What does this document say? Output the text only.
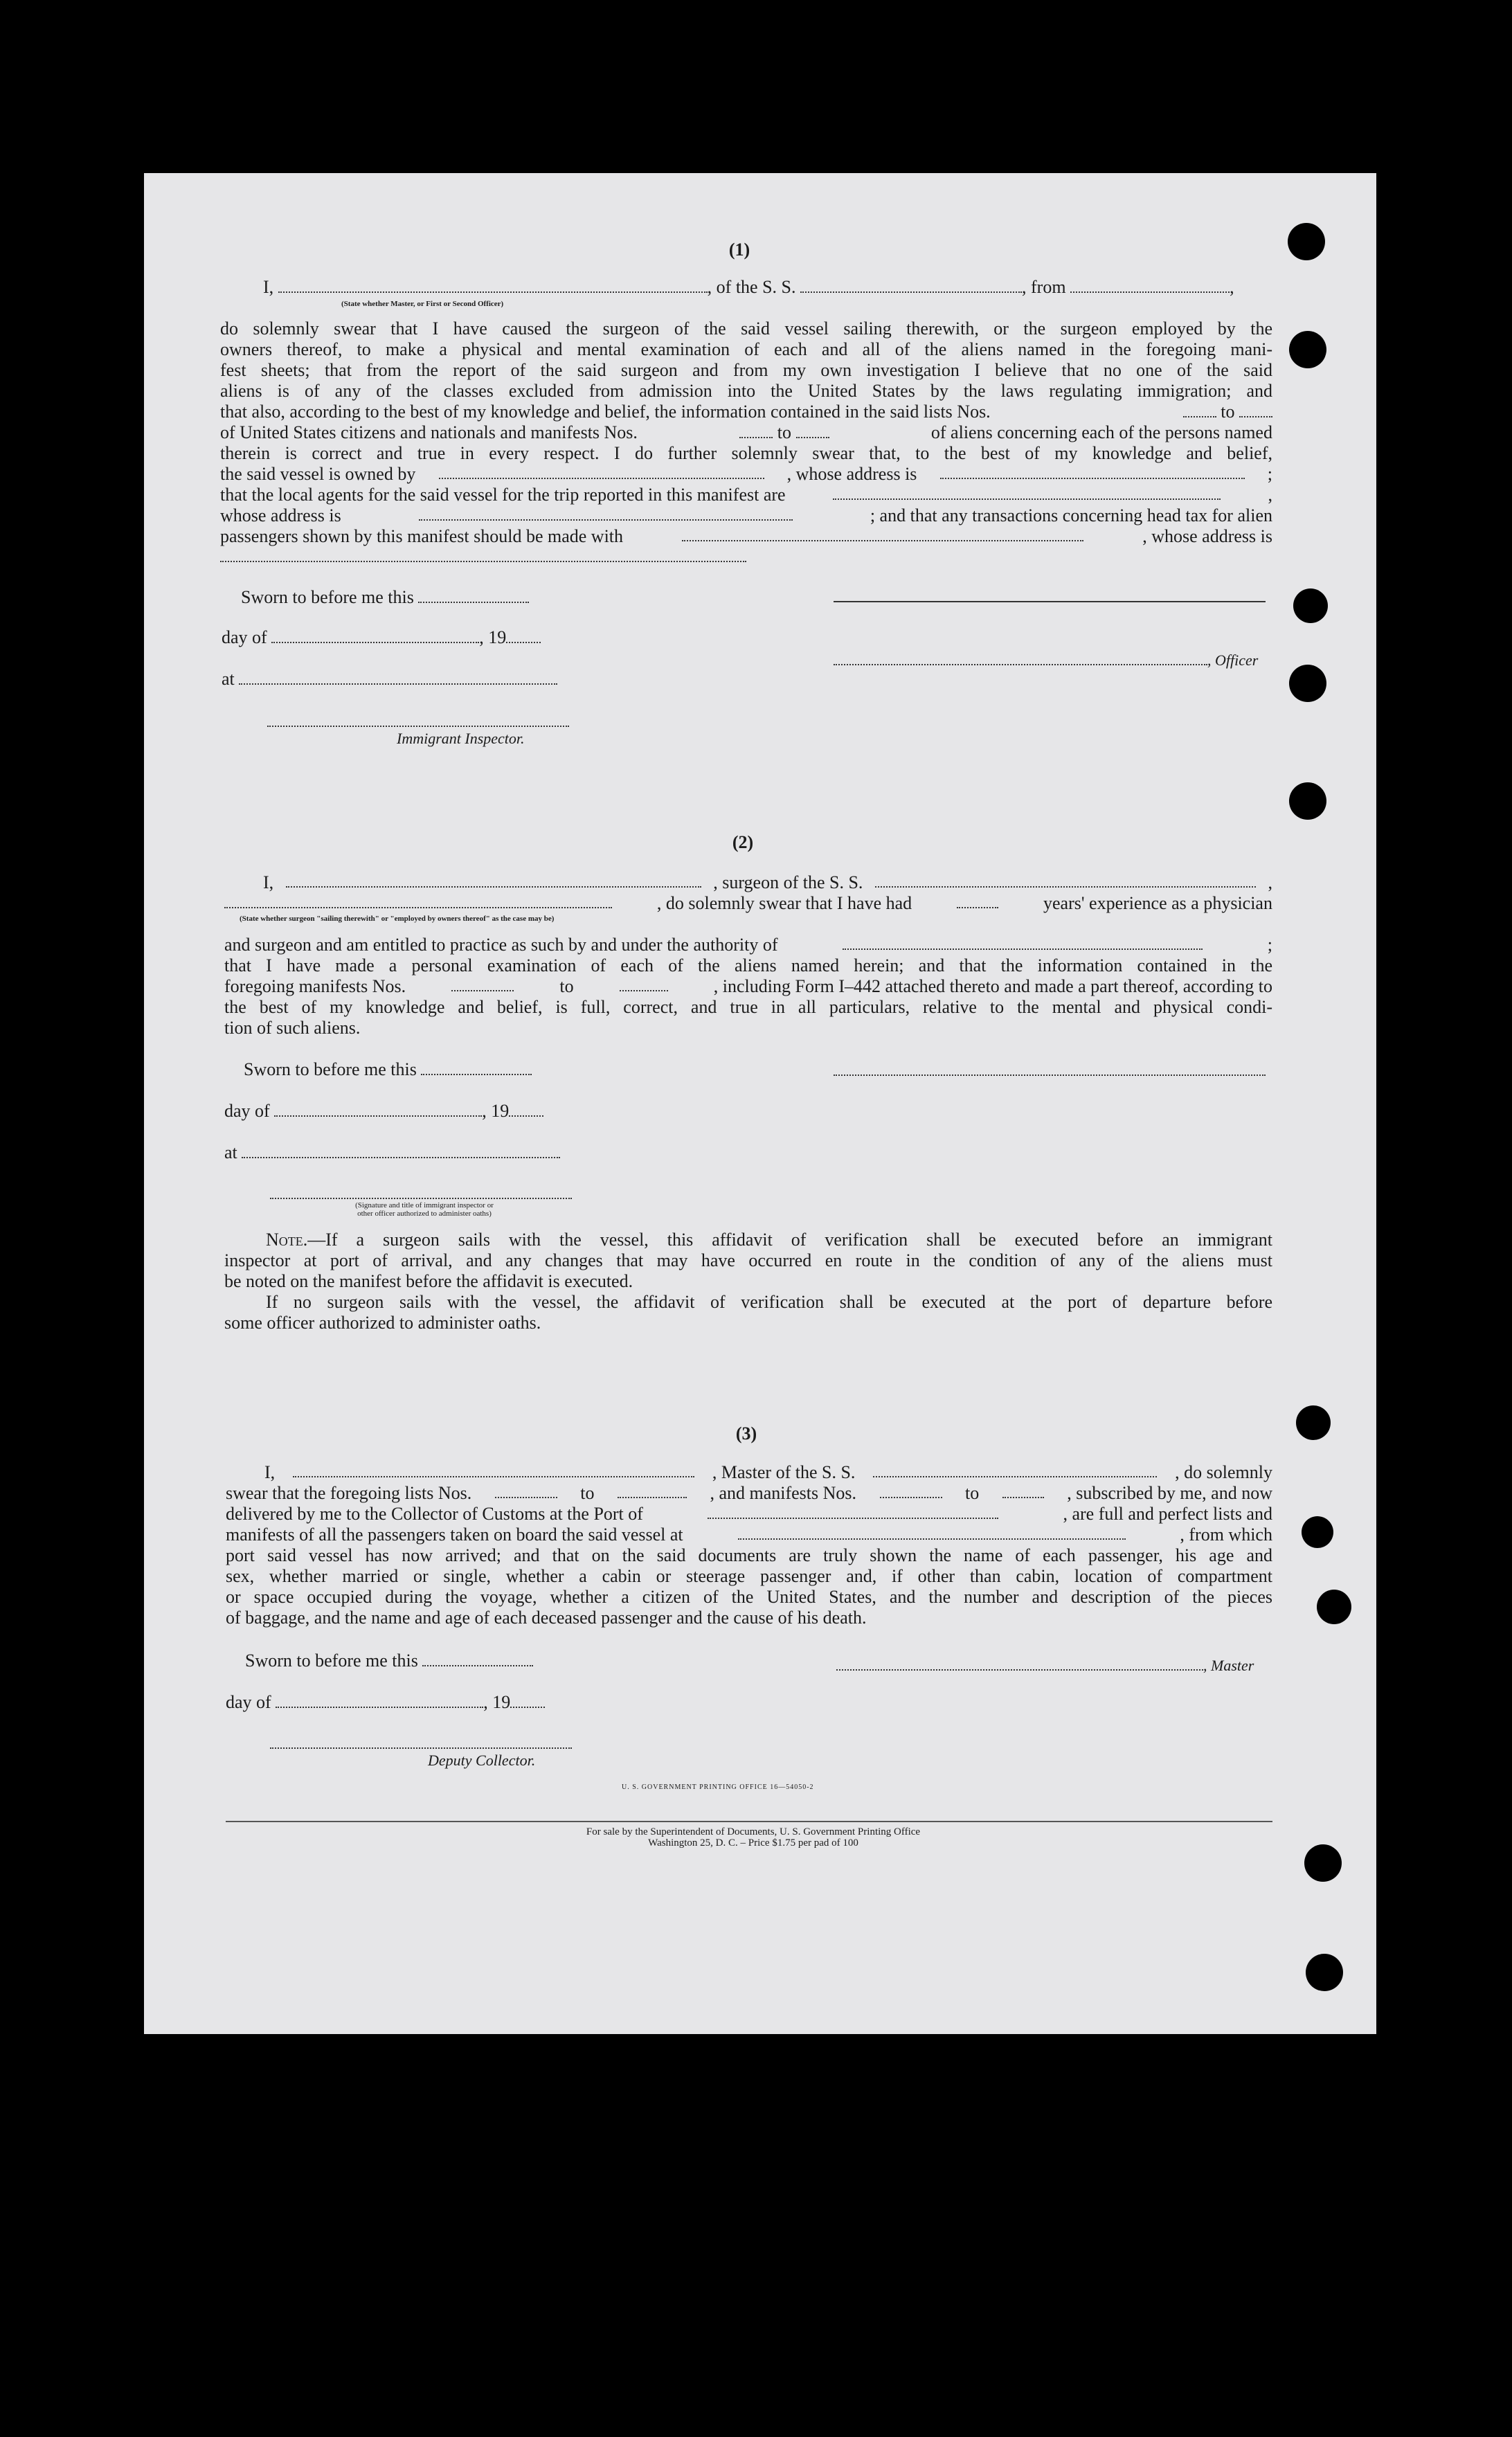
(1)
I,	, of the S. S.	, from	,
(State whether Master, or First or Second Officer)
do solemnly swear that I have caused the surgeon of the said vessel sailing therewith, or the surgeon employed by the
owners thereof, to make a physical and mental examination of each and all of the aliens named in the foregoing mani-
fest sheets; that from the report of the said surgeon and from my own investigation I believe that no one of the said
aliens is of any of the classes excluded from admission into the United States by the laws regulating immigration; and
that also, according to the best of my knowledge and belief, the information contained in the said lists Nos.	to
of United States citizens and nationals and manifests Nos.	to	of aliens concerning each of the persons named
therein is correct and true in every respect. I do further solemnly swear that, to the best of my knowledge and belief,
the said vessel is owned by	, whose address is	;
that the local agents for the said vessel for the trip reported in this manifest are	,
whose address is	; and that any transactions concerning head tax for alien
passengers shown by this manifest should be made with	, whose address is
Sworn to before me this
day of	, 19
at
Immigrant Inspector.
, Officer
(2)
I,	, surgeon of the S. S.	,
, do solemnly swear that I have had	years' experience as a physician
(State whether surgeon "sailing therewith" or "employed by owners thereof" as the case may be)
and surgeon and am entitled to practice as such by and under the authority of	;
that I have made a personal examination of each of the aliens named herein; and that the information contained in the
foregoing manifests Nos.	to	, including Form I–442 attached thereto and made a part thereof, according to
the best of my knowledge and belief, is full, correct, and true in all particulars, relative to the mental and physical condi-
tion of such aliens.
Sworn to before me this
day of	, 19
at
(Signature and title of immigrant inspector or
other officer authorized to administer oaths)
Note.—If a surgeon sails with the vessel, this affidavit of verification shall be executed before an immigrant
inspector at port of arrival, and any changes that may have occurred en route in the condition of any of the aliens must
be noted on the manifest before the affidavit is executed.
If no surgeon sails with the vessel, the affidavit of verification shall be executed at the port of departure before
some officer authorized to administer oaths.
(3)
I,	, Master of the S. S.	, do solemnly
swear that the foregoing lists Nos.	to	, and manifests Nos.	to	, subscribed by me, and now
delivered by me to the Collector of Customs at the Port of	, are full and perfect lists and
manifests of all the passengers taken on board the said vessel at	, from which
port said vessel has now arrived; and that on the said documents are truly shown the name of each passenger, his age and
sex, whether married or single, whether a cabin or steerage passenger and, if other than cabin, location of compartment
or space occupied during the voyage, whether a citizen of the United States, and the number and description of the pieces
of baggage, and the name and age of each deceased passenger and the cause of his death.
Sworn to before me this
day of	, 19
, Master
Deputy Collector.
U. S. GOVERNMENT PRINTING OFFICE 16—54050-2
For sale by the Superintendent of Documents, U. S. Government Printing Office
Washington 25, D. C. – Price $1.75 per pad of 100
